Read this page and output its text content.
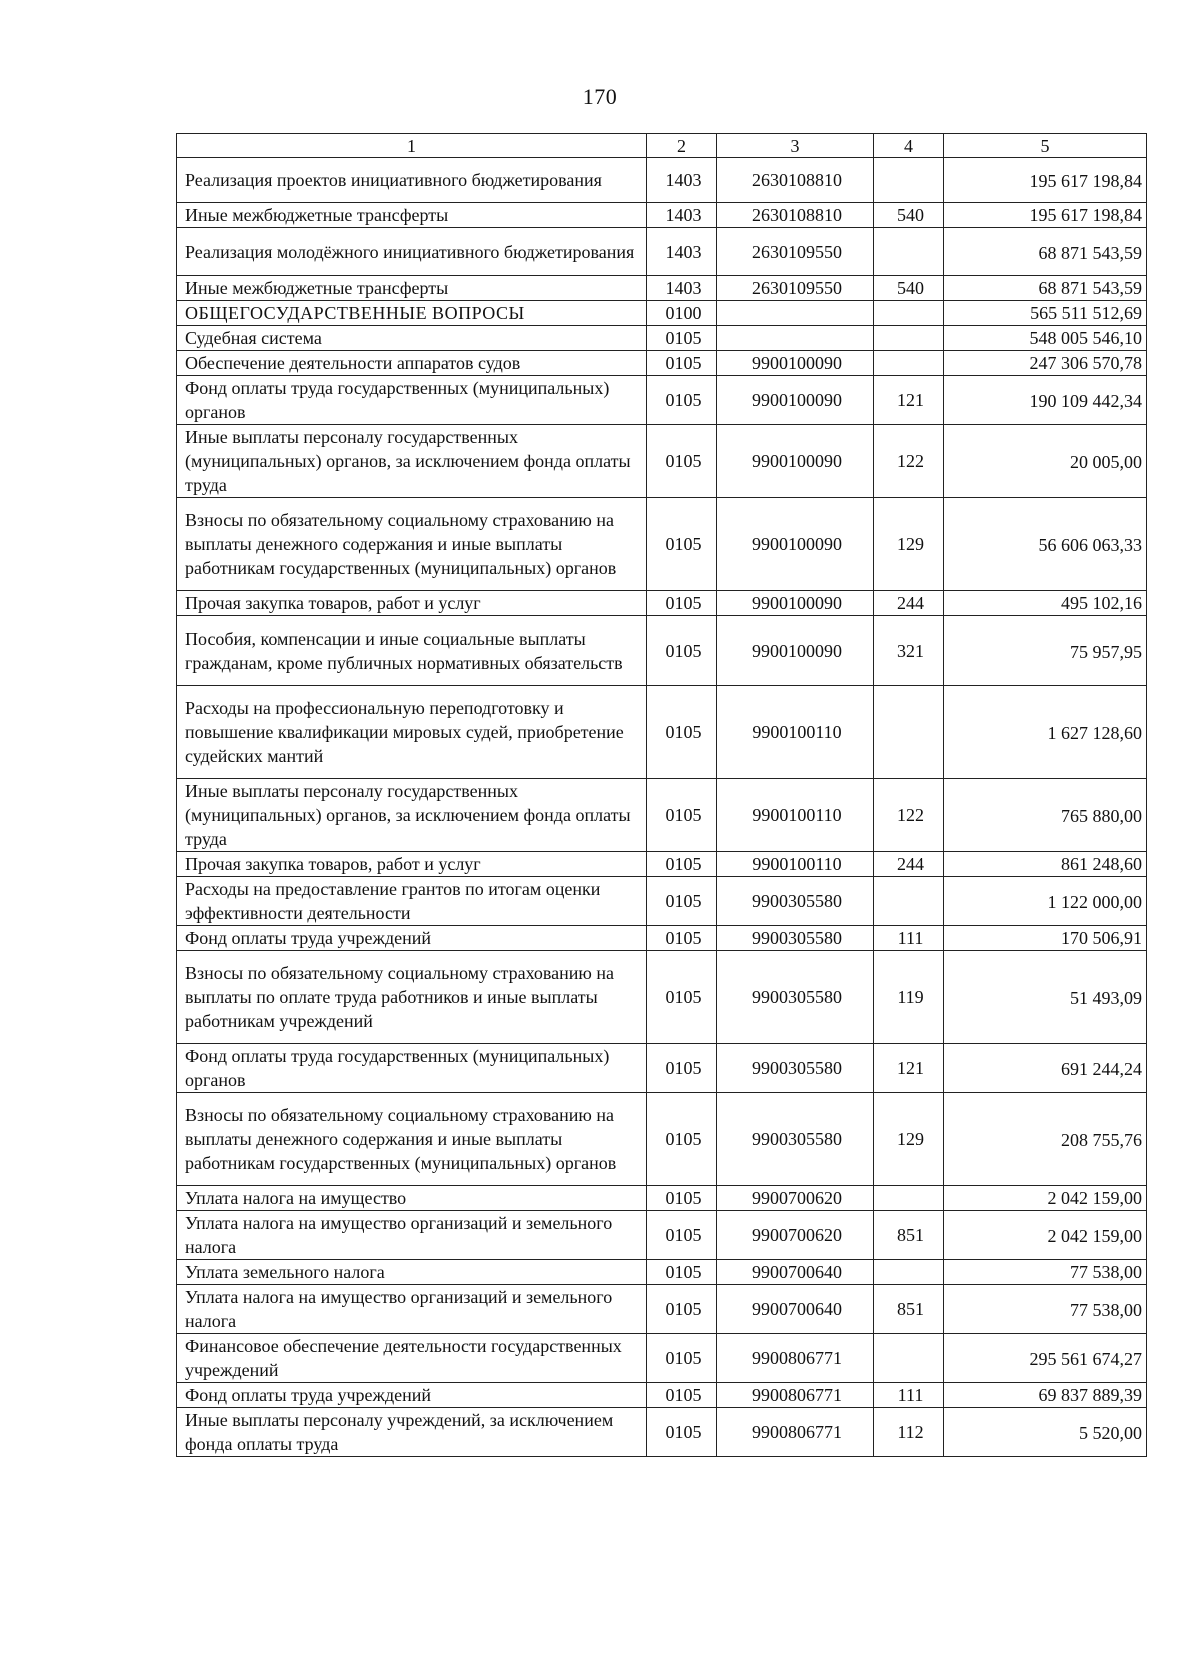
170
1	2	3	4	5
Реализация проектов инициативного бюджетирования	1403	2630108810		195 617 198,84
Иные межбюджетные трансферты	1403	2630108810	540	195 617 198,84
Реализация молодёжного инициативного бюджетирования	1403	2630109550		68 871 543,59
Иные межбюджетные трансферты	1403	2630109550	540	68 871 543,59
ОБЩЕГОСУДАРСТВЕННЫЕ ВОПРОСЫ	0100			565 511 512,69
Судебная система	0105			548 005 546,10
Обеспечение деятельности аппаратов судов	0105	9900100090		247 306 570,78
Фонд оплаты труда государственных (муниципальных) органов	0105	9900100090	121	190 109 442,34
Иные выплаты персоналу государственных (муниципальных) органов, за исключением фонда оплаты труда	0105	9900100090	122	20 005,00
Взносы по обязательному социальному страхованию на выплаты денежного содержания и иные выплаты работникам государственных (муниципальных) органов	0105	9900100090	129	56 606 063,33
Прочая закупка товаров, работ и услуг	0105	9900100090	244	495 102,16
Пособия, компенсации и иные социальные выплаты гражданам, кроме публичных нормативных обязательств	0105	9900100090	321	75 957,95
Расходы на профессиональную переподготовку и повышение квалификации мировых судей, приобретение судейских мантий	0105	9900100110		1 627 128,60
Иные выплаты персоналу государственных (муниципальных) органов, за исключением фонда оплаты труда	0105	9900100110	122	765 880,00
Прочая закупка товаров, работ и услуг	0105	9900100110	244	861 248,60
Расходы на предоставление грантов по итогам оценки эффективности деятельности	0105	9900305580		1 122 000,00
Фонд оплаты труда учреждений	0105	9900305580	111	170 506,91
Взносы по обязательному социальному страхованию на выплаты по оплате труда работников и иные выплаты работникам учреждений	0105	9900305580	119	51 493,09
Фонд оплаты труда государственных (муниципальных) органов	0105	9900305580	121	691 244,24
Взносы по обязательному социальному страхованию на выплаты денежного содержания и иные выплаты работникам государственных (муниципальных) органов	0105	9900305580	129	208 755,76
Уплата налога на имущество	0105	9900700620		2 042 159,00
Уплата налога на имущество организаций и земельного налога	0105	9900700620	851	2 042 159,00
Уплата земельного налога	0105	9900700640		77 538,00
Уплата налога на имущество организаций и земельного налога	0105	9900700640	851	77 538,00
Финансовое обеспечение деятельности государственных учреждений	0105	9900806771		295 561 674,27
Фонд оплаты труда учреждений	0105	9900806771	111	69 837 889,39
Иные выплаты персоналу учреждений, за исключением фонда оплаты труда	0105	9900806771	112	5 520,00
